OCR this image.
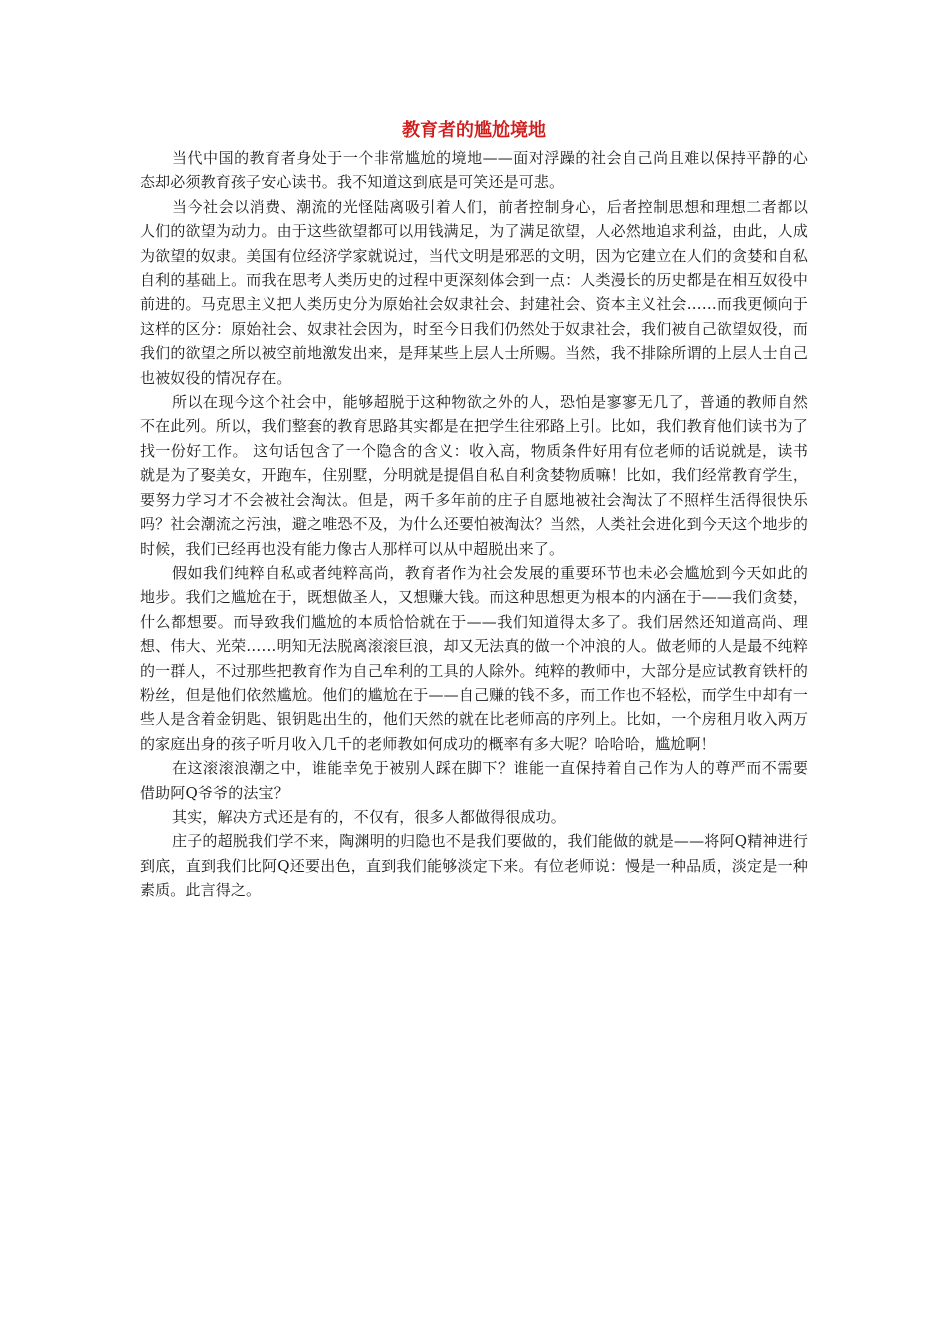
教育者的尴尬境地

当代中国的教育者身处于一个非常尴尬的境地——面对浮躁的社会自己尚且难以保持平静的心态却必须教育孩子安心读书。我不知道这到底是可笑还是可悲。

当今社会以消费、潮流的光怪陆离吸引着人们，前者控制身心，后者控制思想和理想二者都以人们的欲望为动力。由于这些欲望都可以用钱满足，为了满足欲望，人必然地追求利益，由此，人成为欲望的奴隶。美国有位经济学家就说过，当代文明是邪恶的文明，因为它建立在人们的贪婪和自私自利的基础上。而我在思考人类历史的过程中更深刻体会到一点：人类漫长的历史都是在相互奴役中前进的。马克思主义把人类历史分为原始社会奴隶社会、封建社会、资本主义社会……而我更倾向于这样的区分：原始社会、奴隶社会因为，时至今日我们仍然处于奴隶社会，我们被自己欲望奴役，而我们的欲望之所以被空前地激发出来，是拜某些上层人士所赐。当然，我不排除所谓的上层人士自己也被奴役的情况存在。

所以在现今这个社会中，能够超脱于这种物欲之外的人，恐怕是寥寥无几了，普通的教师自然不在此列。所以，我们整套的教育思路其实都是在把学生往邪路上引。比如，我们教育他们读书为了找一份好工作。 这句话包含了一个隐含的含义：收入高，物质条件好用有位老师的话说就是，读书就是为了娶美女，开跑车，住别墅，分明就是提倡自私自利贪婪物质嘛！比如，我们经常教育学生，要努力学习才不会被社会淘汰。但是，两千多年前的庄子自愿地被社会淘汰了不照样生活得很快乐吗？社会潮流之污浊，避之唯恐不及，为什么还要怕被淘汰？当然，人类社会进化到今天这个地步的时候，我们已经再也没有能力像古人那样可以从中超脱出来了。

假如我们纯粹自私或者纯粹高尚，教育者作为社会发展的重要环节也未必会尴尬到今天如此的地步。我们之尴尬在于，既想做圣人，又想赚大钱。而这种思想更为根本的内涵在于——我们贪婪，什么都想要。而导致我们尴尬的本质恰恰就在于——我们知道得太多了。我们居然还知道高尚、理想、伟大、光荣……明知无法脱离滚滚巨浪，却又无法真的做一个冲浪的人。做老师的人是最不纯粹的一群人，不过那些把教育作为自己牟利的工具的人除外。纯粹的教师中，大部分是应试教育铁杆的粉丝，但是他们依然尴尬。他们的尴尬在于——自己赚的钱不多，而工作也不轻松，而学生中却有一些人是含着金钥匙、银钥匙出生的，他们天然的就在比老师高的序列上。比如，一个房租月收入两万的家庭出身的孩子听月收入几千的老师教如何成功的概率有多大呢？哈哈哈，尴尬啊！

在这滚滚浪潮之中，谁能幸免于被别人踩在脚下？谁能一直保持着自己作为人的尊严而不需要借助阿Q爷爷的法宝？

其实，解决方式还是有的，不仅有，很多人都做得很成功。

庄子的超脱我们学不来，陶渊明的归隐也不是我们要做的，我们能做的就是——将阿Q精神进行到底，直到我们比阿Q还要出色，直到我们能够淡定下来。有位老师说：慢是一种品质，淡定是一种素质。此言得之。
